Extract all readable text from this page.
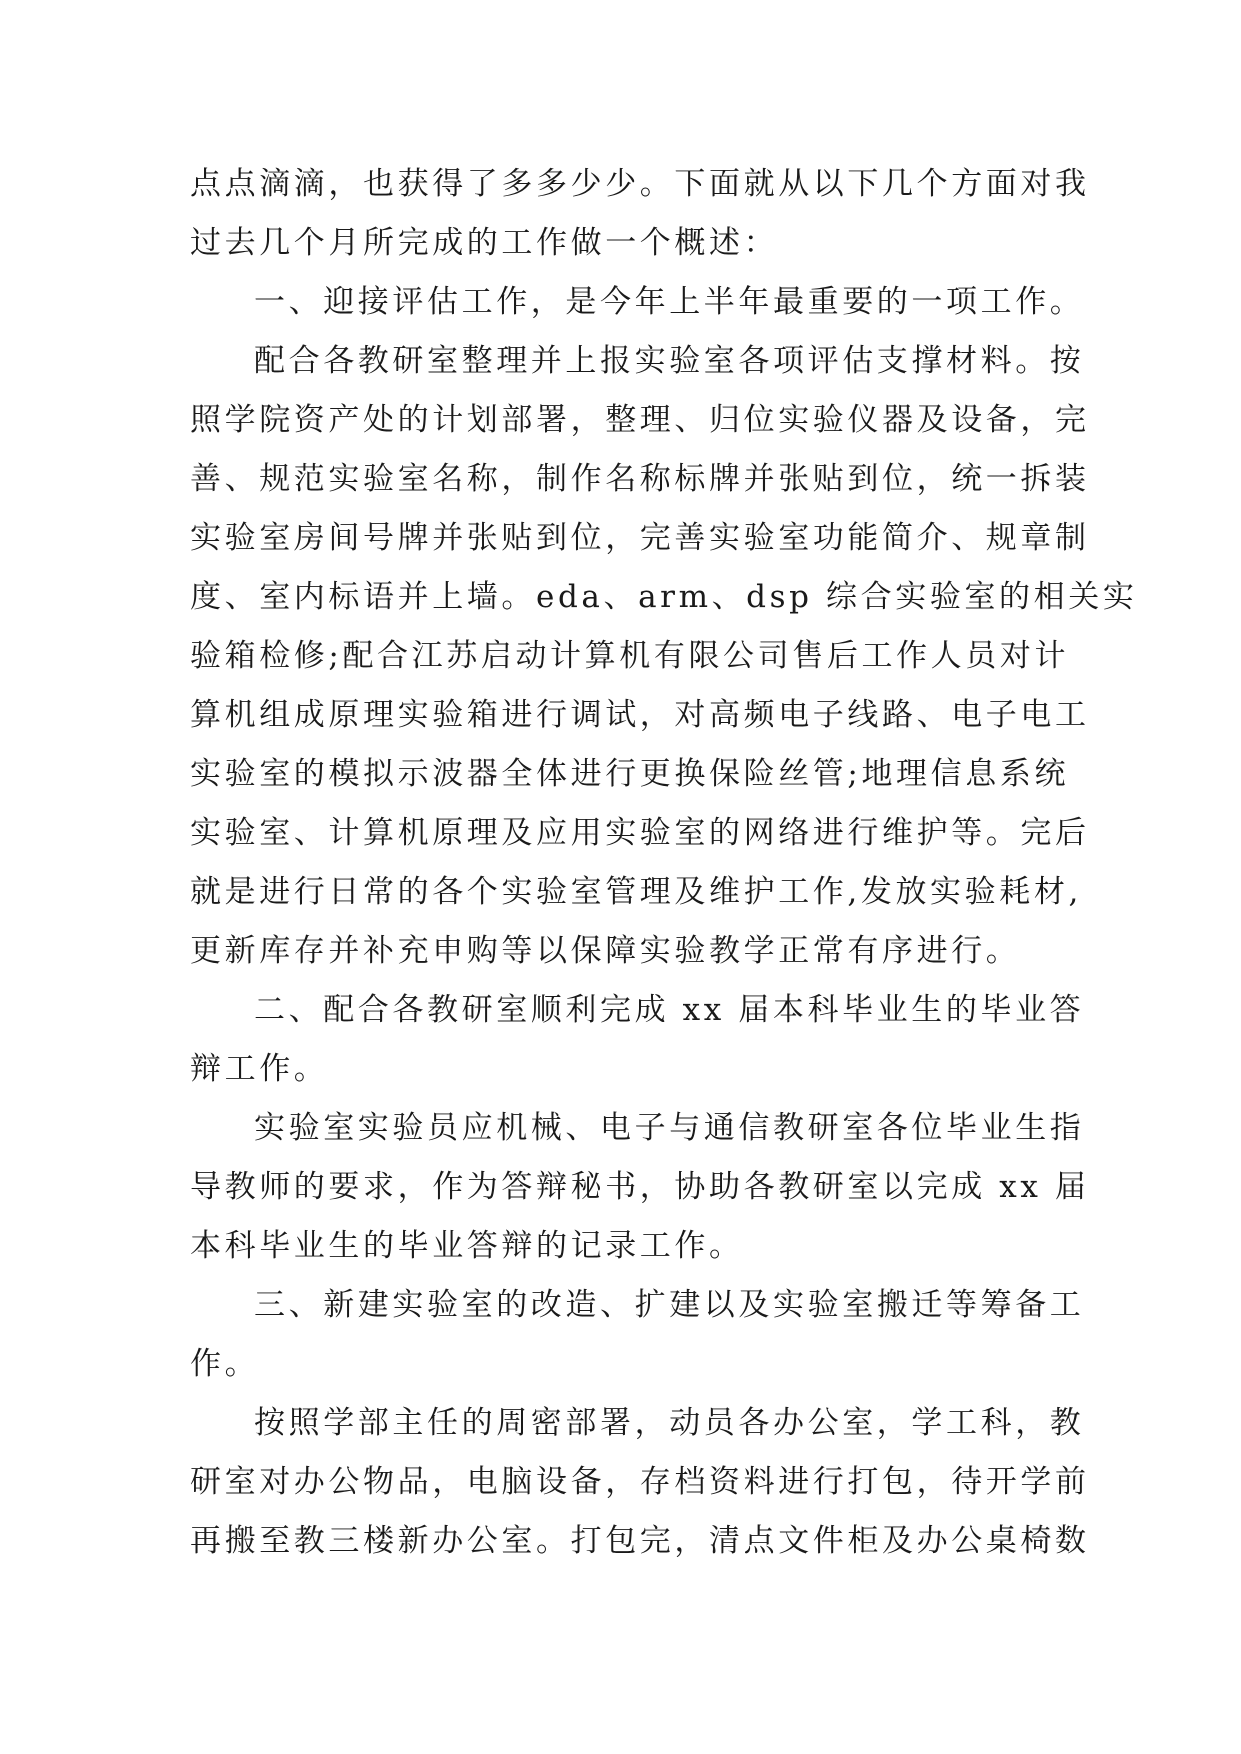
点点滴滴，也获得了多多少少。下面就从以下几个方面对我
过去几个月所完成的工作做一个概述：
一、迎接评估工作，是今年上半年最重要的一项工作。
配合各教研室整理并上报实验室各项评估支撑材料。按
照学院资产处的计划部署，整理、归位实验仪器及设备，完
善、规范实验室名称，制作名称标牌并张贴到位，统一拆装
实验室房间号牌并张贴到位，完善实验室功能简介、规章制
度、室内标语并上墙。eda、arm、dsp 综合实验室的相关实
验箱检修;配合江苏启动计算机有限公司售后工作人员对计
算机组成原理实验箱进行调试，对高频电子线路、电子电工
实验室的模拟示波器全体进行更换保险丝管;地理信息系统
实验室、计算机原理及应用实验室的网络进行维护等。完后
就是进行日常的各个实验室管理及维护工作,发放实验耗材,
更新库存并补充申购等以保障实验教学正常有序进行。
二、配合各教研室顺利完成 xx 届本科毕业生的毕业答
辩工作。
实验室实验员应机械、电子与通信教研室各位毕业生指
导教师的要求，作为答辩秘书，协助各教研室以完成 xx 届
本科毕业生的毕业答辩的记录工作。
三、新建实验室的改造、扩建以及实验室搬迁等筹备工
作。
按照学部主任的周密部署，动员各办公室，学工科，教
研室对办公物品，电脑设备，存档资料进行打包，待开学前
再搬至教三楼新办公室。打包完，清点文件柜及办公桌椅数
